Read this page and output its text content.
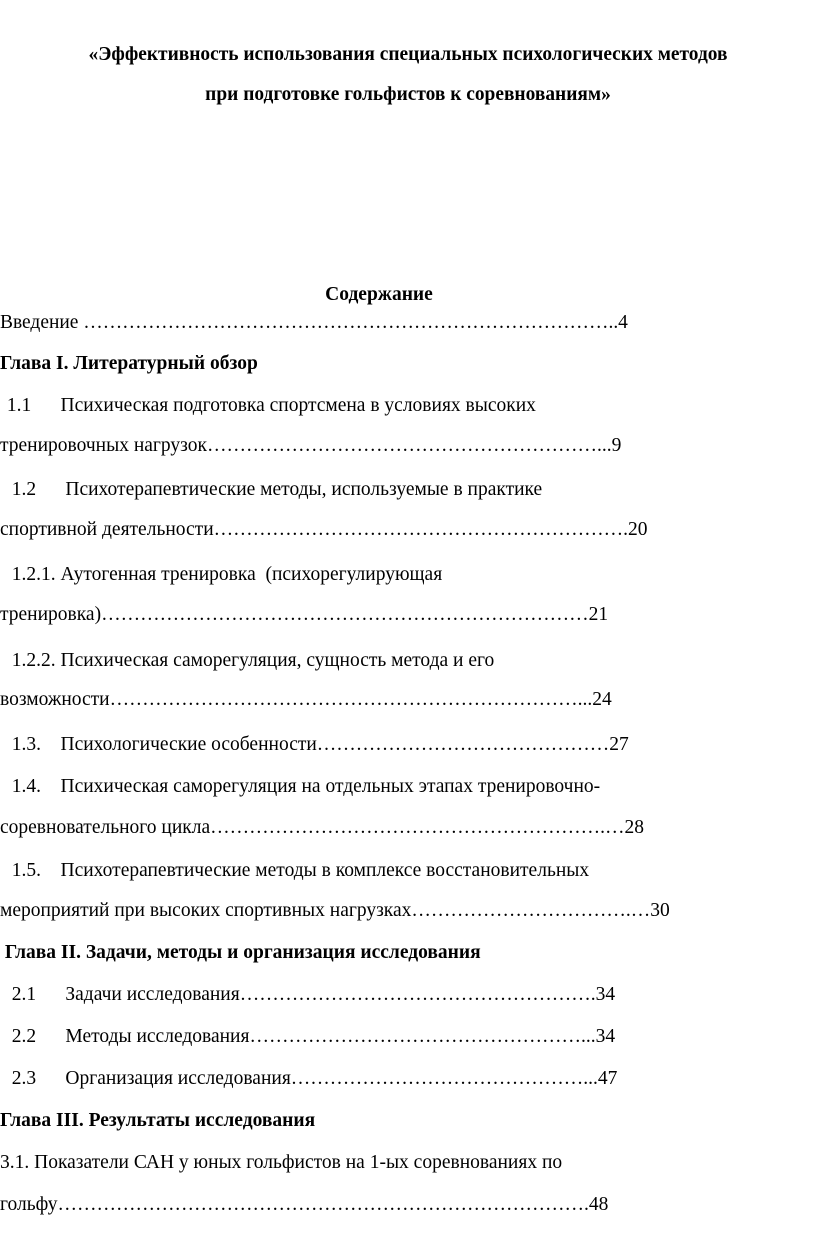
«Эффективность использования специальных психологических методов
при подготовке гольфистов к соревнованиям»
Содержание
Введение ………………………………………………………………………..4
Глава I. Литературный обзор
1.1      Психическая подготовка спортсмена в условиях высоких
тренировочных нагрузок……………………………………………………...9
1.2      Психотерапевтические методы, используемые в практике
спортивной деятельности……………………………………………………….20
1.2.1. Аутогенная тренировка  (психорегулирующая
тренировка)…………………………………………………………………21
1.2.2. Психическая саморегуляция, сущность метода и его
возможности………………………………………………………………...24
1.3.    Психологические особенности………………………………………27
1.4.    Психическая саморегуляция на отдельных этапах тренировочно-
соревновательного цикла…………………………………………………….…28
1.5.    Психотерапевтические методы в комплексе восстановительных
мероприятий при высоких спортивных нагрузках…………………………….…30
Глава II. Задачи, методы и организация исследования
2.1      Задачи исследования……………………………………………….34
2.2      Методы исследования……………………………………………...34
2.3      Организация исследования………………………………………...47
Глава III. Результаты исследования
3.1. Показатели САН у юных гольфистов на 1-ых соревнованиях по
гольфу……………………………………………………………………….48
